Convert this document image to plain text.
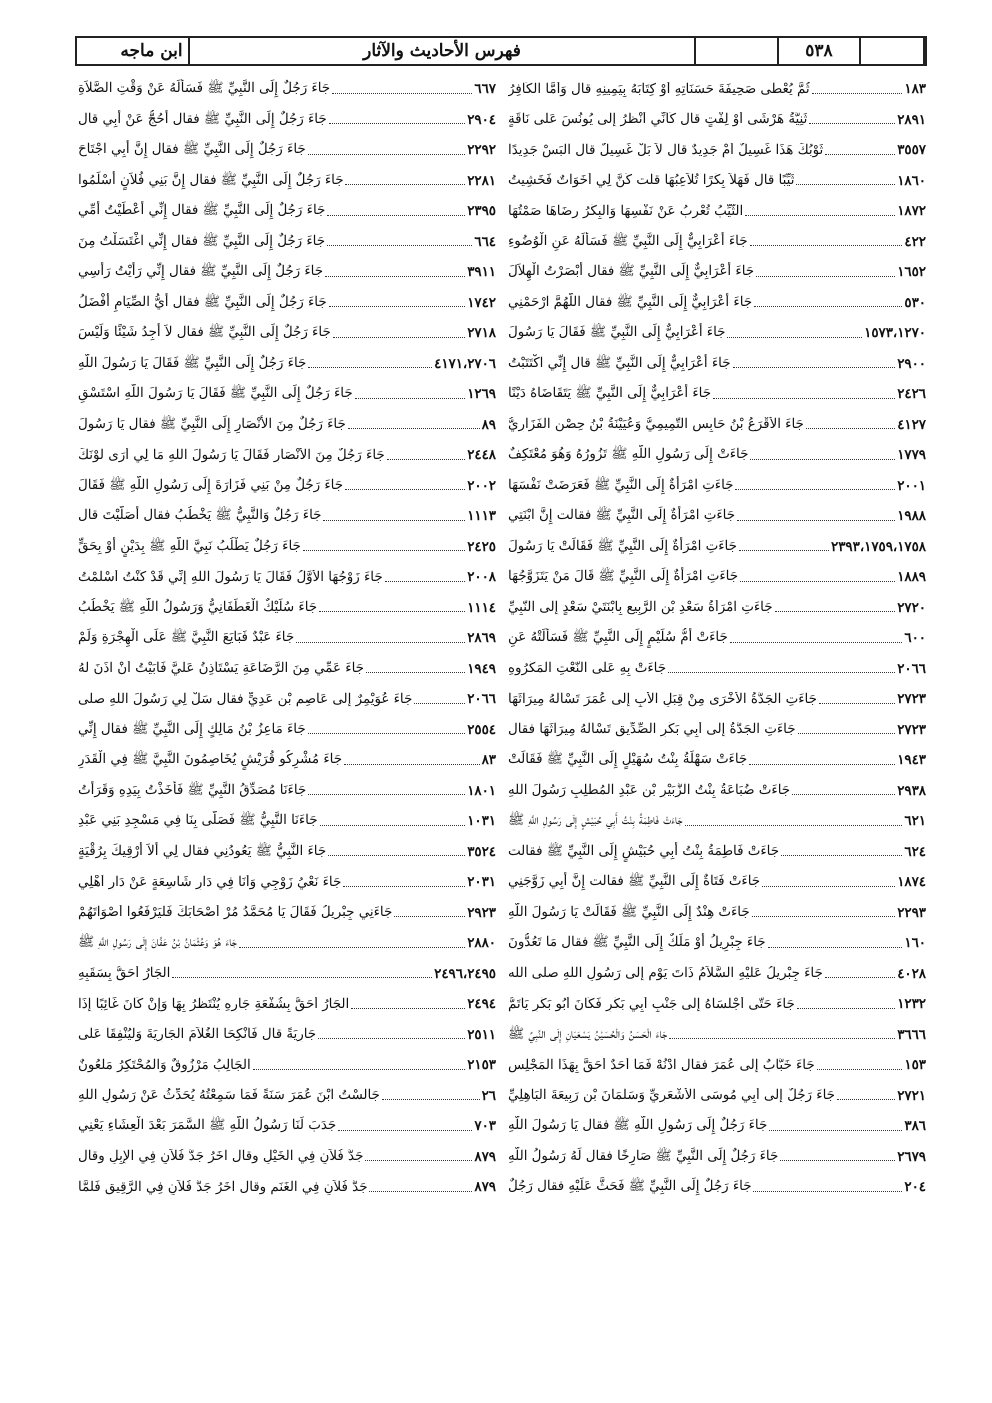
ابن ماجه	فهرس الأحاديث والآثار	٥٣٨
جَاءَ رَجُلٌ إِلَى النَّبِيِّ ﷺ فَسَأَلَهُ عَنْ وَقْتِ الصَّلاَةِ	٦٦٧
جَاءَ رَجُلٌ إِلَى النَّبِيِّ ﷺ فقال أَحُجُّ عَنْ أَبِي قال	٢٩٠٤
جَاءَ رَجُلٌ إِلَى النَّبِيِّ ﷺ فقال إِنَّ أَبِي اجْتَاحَ	٢٢٩٢
جَاءَ رَجُلٌ إِلَى النَّبِيِّ ﷺ فقال إِنَّ بَنِي فُلاَنٍ أَسْلَمُوا	٢٢٨١
جَاءَ رَجُلٌ إِلَى النَّبِيِّ ﷺ فقال إِنِّي أَعْطَيْتُ أُمِّي	٢٣٩٥
جَاءَ رَجُلٌ إِلَى النَّبِيِّ ﷺ فقال إِنِّي اغْتَسَلْتُ مِنَ	٦٦٤
جَاءَ رَجُلٌ إِلَى النَّبِيِّ ﷺ فقال إِنِّي رَأَيْتُ رَأْسِي	٣٩١١
جَاءَ رَجُلٌ إِلَى النَّبِيِّ ﷺ فقال أَيُّ الصِّيَامِ أَفْضَلُ	١٧٤٢
جَاءَ رَجُلٌ إِلَى النَّبِيِّ ﷺ فقال لاَ أَجِدُ شَيْئًا وَلَيْسَ	٢٧١٨
جَاءَ رَجُلٌ إِلَى النَّبِيِّ ﷺ فَقَالَ يَا رَسُولَ اللَّهِ	٤١٧١،٢٧٠٦
جَاءَ رَجُلٌ إِلَى النَّبِيِّ ﷺ فَقَالَ يَا رَسُولَ اللَّهِ اسْتَسْقِ	١٢٦٩
جَاءَ رَجُلٌ مِنَ الأَنْصَارِ إِلَى النَّبِيِّ ﷺ فقال يَا رَسُولَ	٨٩
جَاءَ رَجُلٌ مِنَ الأَنْصَارِ فَقَالَ يَا رَسُولَ اللَّهِ مَا لِي أَرَى لَوْنَكَ	٢٤٤٨
جَاءَ رَجُلٌ مِنْ بَنِي فَزَارَةَ إِلَى رَسُولِ اللَّهِ ﷺ فَقَالَ	٢٠٠٢
جَاءَ رَجُلٌ وَالنَّبِيُّ ﷺ يَخْطُبُ فقال أَصَلَّيْتَ قال	١١١٣
جَاءَ رَجُلٌ يَطْلُبُ نَبِيَّ اللَّهِ ﷺ بِدَيْنٍ أَوْ بِحَقٍّ	٢٤٢٥
جَاءَ زَوْجُهَا الأَوَّلُ فَقَالَ يَا رَسُولَ اللَّهِ إِنِّي قَدْ كُنْتُ أَسْلَمْتُ	٢٠٠٨
جَاءَ سُلَيْكٌ الْغَطَفَانِيُّ وَرَسُولُ اللَّهِ ﷺ يَخْطُبُ	١١١٤
جَاءَ عَبْدٌ فَبَايَعَ النَّبِيَّ ﷺ عَلَى الْهِجْرَةِ وَلَمْ	٢٨٦٩
جَاءَ عَمِّي مِنَ الرَّضَاعَةِ يَسْتَأْذِنُ عَلَيَّ فَأَبَيْتُ أَنْ آذَنَ لَهُ	١٩٤٩
جَاءَ عُوَيْمِرٌ إِلَى عَاصِمِ بْنِ عَدِيٍّ فقال سَلْ لِي رَسُولَ اللَّهِ صلى	٢٠٦٦
جَاءَ مَاعِزُ بْنُ مَالِكٍ إِلَى النَّبِيِّ ﷺ فقال إِنِّي	٢٥٥٤
جَاءَ مُشْرِكُو قُرَيْشٍ يُخَاصِمُونَ النَّبِيَّ ﷺ فِي الْقَدَرِ	٨٣
جَاءَنَا مُصَدِّقُ النَّبِيِّ ﷺ فَأَخَذْتُ بِيَدِهِ وَقَرَأْتُ	١٨٠١
جَاءَنَا النَّبِيُّ ﷺ فَصَلَّى بِنَا فِي مَسْجِدِ بَنِي عَبْدِ	١٠٣١
جَاءَ النَّبِيُّ ﷺ يَعُودُنِي فقال لِي أَلاَ أَرْقِيكَ بِرُقْيَةٍ	٣٥٢٤
جَاءَ نَعْيُ زَوْجِي وَأَنَا فِي دَارٍ شَاسِعَةٍ عَنْ دَارِ أَهْلِي	٢٠٣١
جَاءَنِي جِبْرِيلُ فَقَالَ يَا مُحَمَّدُ مُرْ أَصْحَابَكَ فَلْيَرْفَعُوا أَصْوَاتَهُمْ	٢٩٢٣
جَاءَ هُوَ وَعُثْمَانُ بْنُ عَفَّانَ إِلَى رَسُولِ اللَّهِ ﷺ	٢٨٨٠
الْجَارُ أَحَقُّ بِسَقَبِهِ	٢٤٩٦،٢٤٩٥
الْجَارُ أَحَقُّ بِشُفْعَةِ جَارِهِ يُنْتَظَرُ بِهَا وَإِنْ كَانَ غَائِبًا إِذَا	٢٤٩٤
جَارِيَةً قال فَأَنْكِحَا الْغُلاَمَ الْجَارِيَةَ وَلْيُنْفِقَا عَلَى	٢٥١١
الْجَالِبُ مَرْزُوقٌ وَالْمُحْتَكِرُ مَلْعُونٌ	٢١٥٣
جَالَسْتُ ابْنَ عُمَرَ سَنَةً فَمَا سَمِعْتُهُ يُحَدِّثُ عَنْ رَسُولِ اللَّهِ	٢٦
جَدَبَ لَنَا رَسُولُ اللَّهِ ﷺ السَّمَرَ بَعْدَ الْعِشَاءِ يَعْنِي	٧٠٣
جَدُّ فُلاَنٍ فِي الْخَيْلِ وقال آخَرُ جَدُّ فُلاَنٍ فِي الإِبِلِ وقال	٨٧٩
جَدُّ فُلاَنٍ فِي الْغَنَمِ وقال آخَرُ جَدُّ فُلاَنٍ فِي الرَّقِيقِ فَلَمَّا	٨٧٩
ثُمَّ يُعْطَى صَحِيفَةَ حَسَنَاتِهِ أَوْ كِتَابَهُ بِيَمِينِهِ قال وَأَمَّا الْكَافِرُ	١٨٣
ثَنِيَّةُ هَرْشَى أَوْ لِفْتٍ قال كَأَنِّي أَنْظُرُ إِلَى يُونُسَ عَلَى نَاقَةٍ	٢٨٩١
ثَوْبُكَ هَذَا غَسِيلٌ أَمْ جَدِيدٌ قال لاَ بَلْ غَسِيلٌ قال الْبَسْ جَدِيدًا	٣٥٥٧
ثَيِّبًا قال فَهَلاَّ بِكْرًا تُلاَعِبُهَا قلت كُنَّ لِي أَخَوَاتٌ فَخَشِيتُ	١٨٦٠
الثَّيِّبُ تُعْرِبُ عَنْ نَفْسِهَا وَالْبِكْرُ رِضَاهَا صَمْتُهَا	١٨٧٢
جَاءَ أَعْرَابِيٌّ إِلَى النَّبِيِّ ﷺ فَسَأَلَهُ عَنِ الْوُضُوءِ	٤٢٢
جَاءَ أَعْرَابِيٌّ إِلَى النَّبِيِّ ﷺ فقال أَبْصَرْتُ الْهِلاَلَ	١٦٥٢
جَاءَ أَعْرَابِيٌّ إِلَى النَّبِيِّ ﷺ فقال اللَّهُمَّ ارْحَمْنِي	٥٣٠
جَاءَ أَعْرَابِيٌّ إِلَى النَّبِيِّ ﷺ فَقَالَ يَا رَسُولَ	١٥٧٣،١٢٧٠
جَاءَ أَعْرَابِيٌّ إِلَى النَّبِيِّ ﷺ قال إِنِّي اكْتَتَبْتُ	٢٩٠٠
جَاءَ أَعْرَابِيٌّ إِلَى النَّبِيِّ ﷺ يَتَقَاضَاهُ دَيْنًا	٢٤٢٦
جَاءَ الأَقْرَعُ بْنُ حَابِسٍ التَّمِيمِيُّ وَعُيَيْنَةُ بْنُ حِصْنٍ الْفَزَارِيُّ	٤١٢٧
جَاءَتْ إِلَى رَسُولِ اللَّهِ ﷺ تَزُورُهُ وَهُوَ مُعْتَكِفٌ	١٧٧٩
جَاءَتِ امْرَأَةٌ إِلَى النَّبِيِّ ﷺ فَعَرَضَتْ نَفْسَهَا	٢٠٠١
جَاءَتِ امْرَأَةٌ إِلَى النَّبِيِّ ﷺ فقالت إِنَّ ابْنَتِي	١٩٨٨
جَاءَتِ امْرَأَةٌ إِلَى النَّبِيِّ ﷺ فَقَالَتْ يَا رَسُولَ	٢٣٩٣،١٧٥٩،١٧٥٨
جَاءَتِ امْرَأَةٌ إِلَى النَّبِيِّ ﷺ قَالَ مَنْ يَتَزَوَّجُهَا	١٨٨٩
جَاءَتِ امْرَأَةُ سَعْدِ بْنِ الرَّبِيعِ بِابْنَتَيْ سَعْدٍ إِلَى النَّبِيِّ	٢٧٢٠
جَاءَتْ أُمُّ سُلَيْمٍ إِلَى النَّبِيِّ ﷺ فَسَأَلَتْهُ عَنِ	٦٠٠
جَاءَتْ بِهِ عَلَى النَّعْتِ الْمَكْرُوهِ	٢٠٦٦
جَاءَتِ الْجَدَّةُ الأُخْرَى مِنْ قِبَلِ الأَبِ إِلَى عُمَرَ تَسْأَلُهُ مِيرَاثَهَا	٢٧٢٣
جَاءَتِ الْجَدَّةُ إِلَى أَبِي بَكْرٍ الصِّدِّيقِ تَسْأَلُهُ مِيرَاثَهَا فقال	٢٧٢٣
جَاءَتْ سَهْلَةُ بِنْتُ سُهَيْلٍ إِلَى النَّبِيِّ ﷺ فَقَالَتْ	١٩٤٣
جَاءَتْ ضُبَاعَةُ بِنْتُ الزُّبَيْرِ بْنِ عَبْدِ الْمُطَّلِبِ رَسُولَ اللَّهِ	٢٩٣٨
جَاءَتْ فَاطِمَةُ بِنْتُ أَبِي حُبَيْشٍ إِلَى رَسُولِ اللَّهِ ﷺ	٦٢١
جَاءَتْ فَاطِمَةُ بِنْتُ أَبِي حُبَيْشٍ إِلَى النَّبِيِّ ﷺ فقالت	٦٢٤
جَاءَتْ فَتَاةٌ إِلَى النَّبِيِّ ﷺ فقالت إِنَّ أَبِي زَوَّجَنِي	١٨٧٤
جَاءَتْ هِنْدٌ إِلَى النَّبِيِّ ﷺ فَقَالَتْ يَا رَسُولَ اللَّهِ	٢٢٩٣
جَاءَ جِبْرِيلُ أَوْ مَلَكٌ إِلَى النَّبِيِّ ﷺ فقال مَا تَعُدُّونَ	١٦٠
جَاءَ جِبْرِيلُ عَلَيْهِ السَّلاَمُ ذَاتَ يَوْمٍ إِلَى رَسُولِ اللَّهِ صلى الله	٤٠٢٨
جَاءَ حَتَّى أَجْلَسَاهُ إِلَى جَنْبِ أَبِي بَكْرٍ فَكَانَ أَبُو بَكْرٍ يَأْتَمُّ	١٢٣٢
جَاءَ الْحَسَنُ وَالْحُسَيْنُ يَسْعَيَانِ إِلَى النَّبِيِّ ﷺ	٣٦٦٦
جَاءَ خَبَّابٌ إِلَى عُمَرَ فقال ادْنُهْ فَمَا أَحَدٌ أَحَقَّ بِهَذَا الْمَجْلِسِ	١٥٣
جَاءَ رَجُلٌ إِلَى أَبِي مُوسَى الأَشْعَرِيِّ وَسَلْمَانَ بْنِ رَبِيعَةَ الْبَاهِلِيِّ	٢٧٢١
جَاءَ رَجُلٌ إِلَى رَسُولِ اللَّهِ ﷺ فقال يَا رَسُولَ اللَّهِ	٣٨٦
جَاءَ رَجُلٌ إِلَى النَّبِيِّ ﷺ صَارِخًا فقال لَهُ رَسُولُ اللَّهِ	٢٦٧٩
جَاءَ رَجُلٌ إِلَى النَّبِيِّ ﷺ فَحَثَّ عَلَيْهِ فقال رَجُلٌ	٢٠٤
